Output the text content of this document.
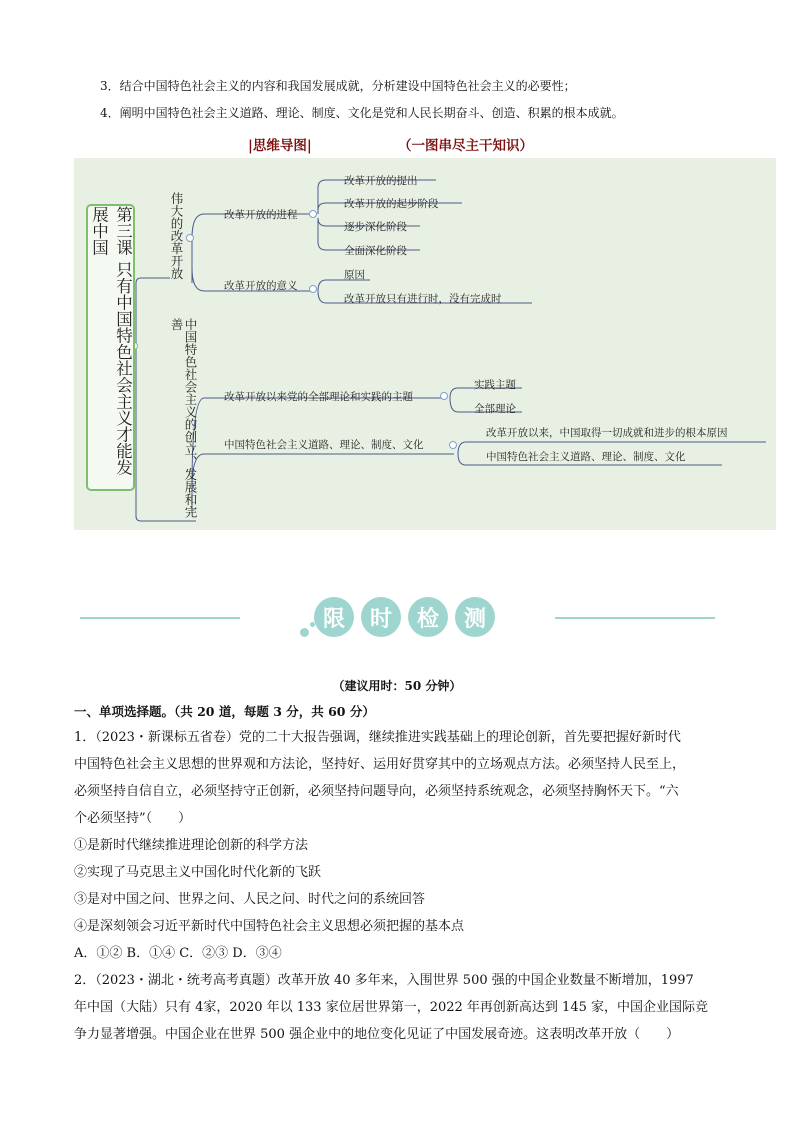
3．结合中国特色社会主义的内容和我国发展成就，分析建设中国特色社会主义的必要性；
4．阐明中国特色社会主义道路、理论、制度、文化是党和人民长期奋斗、创造、积累的根本成就。
|思维导图|	（一图串尽主干知识）
第三课 只有中国特色社会主义才能发展中国	伟大的改革开放	改革开放的进程
改革开放的提出
改革开放的起步阶段
逐步深化阶段
全面深化阶段
改革开放的意义
原因
改革开放只有进行时，没有完成时
中国特色社会主义的创立、发展和完善
改革开放以来党的全部理论和实践的主题
实践主题
全部理论
中国特色社会主义道路、理论、制度、文化
改革开放以来，中国取得一切成就和进步的根本原因
中国特色社会主义道路、理论、制度、文化
限	时	检	测
（建议用时：50 分钟）
一、单项选择题。（共 20 道，每题 3 分，共 60 分）
1．（2023・新课标五省卷）党的二十大报告强调，继续推进实践基础上的理论创新，首先要把握好新时代
中国特色社会主义思想的世界观和方法论，坚持好、运用好贯穿其中的立场观点方法。必须坚持人民至上，
必须坚持自信自立，必须坚持守正创新，必须坚持问题导向，必须坚持系统观念，必须坚持胸怀天下。“六
个必须坚持”（　　）
①是新时代继续推进理论创新的科学方法
②实现了马克思主义中国化时代化新的飞跃
③是对中国之问、世界之问、人民之问、时代之问的系统回答
④是深刻领会习近平新时代中国特色社会主义思想必须把握的基本点
A．①② B．①④ C．②③ D．③④
2．（2023・湖北・统考高考真题）改革开放 40 多年来，入围世界 500 强的中国企业数量不断增加，1997
年中国（大陆）只有 4家，2020 年以 133 家位居世界第一，2022 年再创新高达到 145 家，中国企业国际竞
争力显著增强。中国企业在世界 500 强企业中的地位变化见证了中国发展奇迹。这表明改革开放（　　）
